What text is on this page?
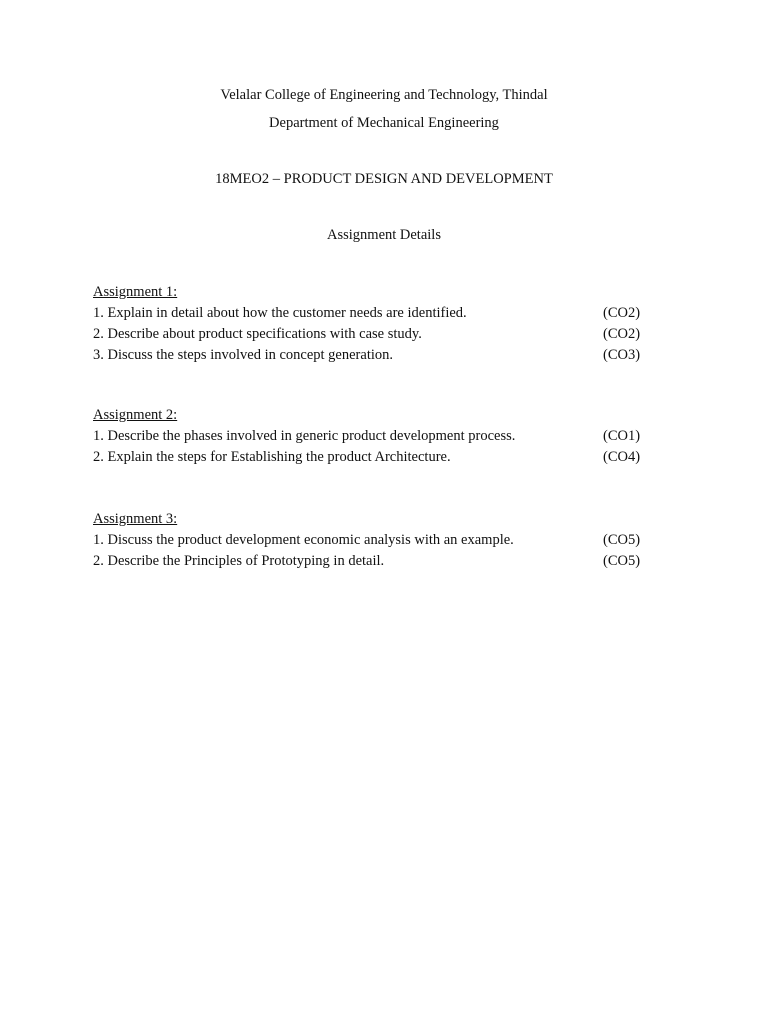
Velalar College of Engineering and Technology, Thindal
Department of Mechanical Engineering
18MEO2 – PRODUCT DESIGN AND DEVELOPMENT
Assignment Details
Assignment 1:
1. Explain in detail about how the customer needs are identified.	(CO2)
2. Describe about product specifications with case study.	(CO2)
3. Discuss the steps involved in concept generation.	(CO3)
Assignment 2:
1. Describe the phases involved in generic product development process.	(CO1)
2. Explain the steps for Establishing the product Architecture.	(CO4)
Assignment 3:
1. Discuss the product development economic analysis with an example.	(CO5)
2. Describe the Principles of Prototyping in detail.	(CO5)
